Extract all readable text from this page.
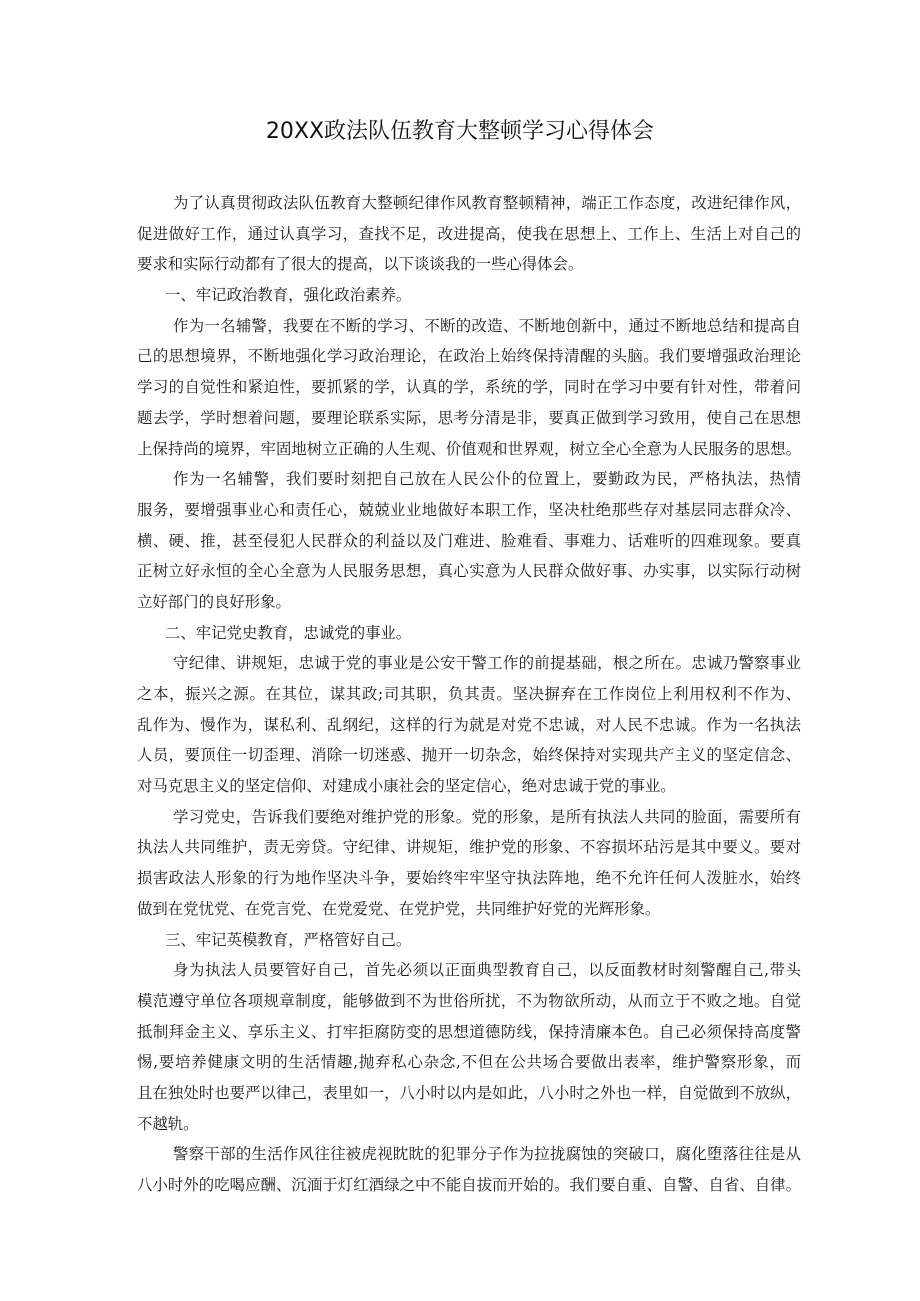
20XX政法队伍教育大整顿学习心得体会
为了认真贯彻政法队伍教育大整顿纪律作风教育整顿精神，端正工作态度，改进纪律作风，
促进做好工作，通过认真学习，查找不足，改进提高，使我在思想上、工作上、生活上对自己的
要求和实际行动都有了很大的提高，以下谈谈我的一些心得体会。
一、牢记政治教育，强化政治素养。
作为一名辅警，我要在不断的学习、不断的改造、不断地创新中，通过不断地总结和提高自
己的思想境界，不断地强化学习政治理论，在政治上始终保持清醒的头脑。我们要增强政治理论
学习的自觉性和紧迫性，要抓紧的学，认真的学，系统的学，同时在学习中要有针对性，带着问
题去学，学时想着问题，要理论联系实际，思考分清是非，要真正做到学习致用，使自己在思想
上保持尚的境界，牢固地树立正确的人生观、价值观和世界观，树立全心全意为人民服务的思想。
作为一名辅警，我们要时刻把自己放在人民公仆的位置上，要勤政为民，严格执法，热情
服务，要增强事业心和责任心，兢兢业业地做好本职工作，坚决杜绝那些存对基层同志群众冷、
横、硬、推，甚至侵犯人民群众的利益以及门难进、脸难看、事难力、话难听的四难现象。要真
正树立好永恒的全心全意为人民服务思想，真心实意为人民群众做好事、办实事，以实际行动树
立好部门的良好形象。
二、牢记党史教育，忠诚党的事业。
守纪律、讲规矩，忠诚于党的事业是公安干警工作的前提基础，根之所在。忠诚乃警察事业
之本，振兴之源。在其位，谋其政;司其职，负其责。坚决摒弃在工作岗位上利用权利不作为、
乱作为、慢作为，谋私利、乱纲纪，这样的行为就是对党不忠诚，对人民不忠诚。作为一名执法
人员，要顶住一切歪理、消除一切迷惑、抛开一切杂念，始终保持对实现共产主义的坚定信念、
对马克思主义的坚定信仰、对建成小康社会的坚定信心，绝对忠诚于党的事业。
学习党史，告诉我们要绝对维护党的形象。党的形象，是所有执法人共同的脸面，需要所有
执法人共同维护，责无旁贷。守纪律、讲规矩，维护党的形象、不容损坏玷污是其中要义。要对
损害政法人形象的行为地作坚决斗争，要始终牢牢坚守执法阵地，绝不允许任何人泼脏水，始终
做到在党忧党、在党言党、在党爱党、在党护党，共同维护好党的光辉形象。
三、牢记英模教育，严格管好自己。
身为执法人员要管好自己，首先必须以正面典型教育自己，以反面教材时刻警醒自己,带头
模范遵守单位各项规章制度，能够做到不为世俗所扰，不为物欲所动，从而立于不败之地。自觉
抵制拜金主义、享乐主义、打牢拒腐防变的思想道德防线，保持清廉本色。自己必须保持高度警
惕,要培养健康文明的生活情趣,抛弃私心杂念,不但在公共场合要做出表率，维护警察形象，而
且在独处时也要严以律己，表里如一，八小时以内是如此，八小时之外也一样，自觉做到不放纵，
不越轨。
警察干部的生活作风往往被虎视眈眈的犯罪分子作为拉拢腐蚀的突破口，腐化堕落往往是从
八小时外的吃喝应酬、沉湎于灯红酒绿之中不能自拔而开始的。我们要自重、自警、自省、自律。
